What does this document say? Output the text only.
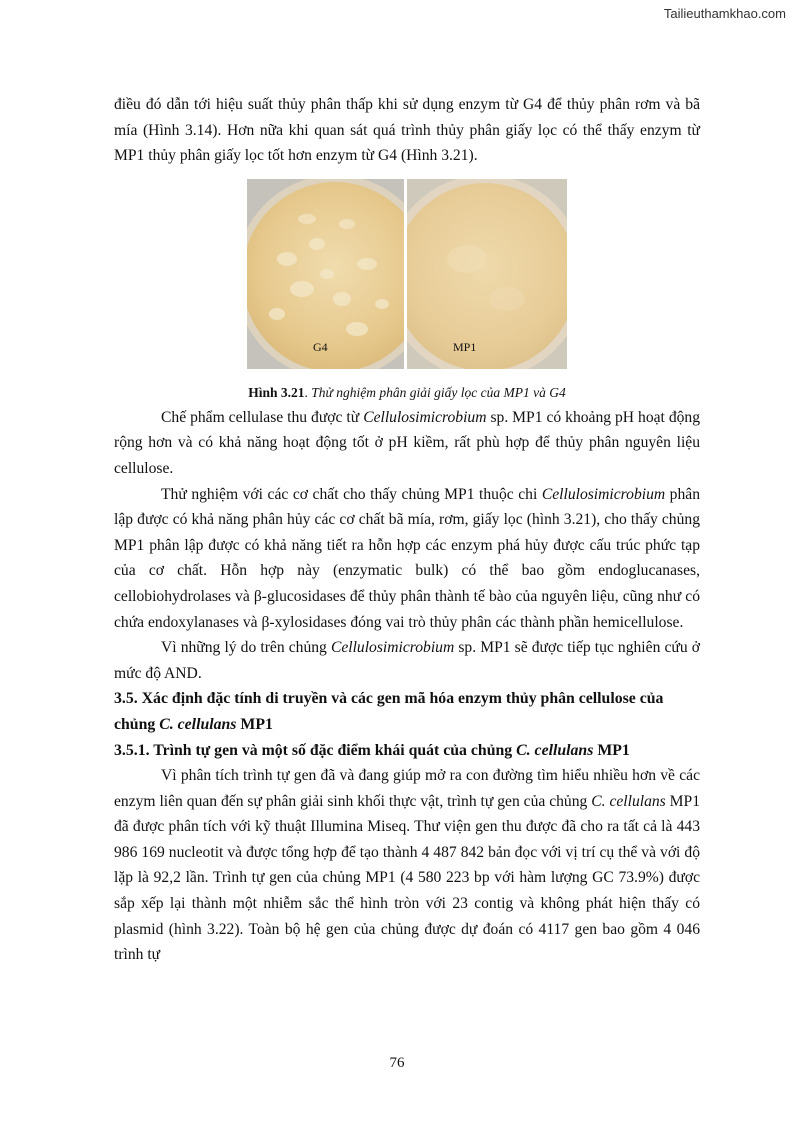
Tailieuthamkhao.com

điều đó dẫn tới hiệu suất thủy phân thấp khi sử dụng enzym từ G4 để thủy phân rơm và bã mía (Hình 3.14). Hơn nữa khi quan sát quá trình thủy phân giấy lọc có thể thấy enzym từ MP1 thủy phân giấy lọc tốt hơn enzym từ G4 (Hình 3.21).

G4	MP1
Hình 3.21. Thử nghiệm phân giải giấy lọc của MP1 và G4

Chế phẩm cellulase thu được từ Cellulosimicrobium sp. MP1 có khoảng pH hoạt động rộng hơn và có khả năng hoạt động tốt ở pH kiềm, rất phù hợp để thủy phân nguyên liệu cellulose.

Thử nghiệm với các cơ chất cho thấy chủng MP1 thuộc chi Cellulosimicrobium phân lập được có khả năng phân hủy các cơ chất bã mía, rơm, giấy lọc (hình 3.21), cho thấy chủng MP1 phân lập được có khả năng tiết ra hỗn hợp các enzym phá hủy được cấu trúc phức tạp của cơ chất. Hỗn hợp này (enzymatic bulk) có thể bao gồm endoglucanases, cellobiohydrolases và β-glucosidases để thủy phân thành tế bào của nguyên liệu, cũng như có chứa endoxylanases và β-xylosidases đóng vai trò thủy phân các thành phần hemicellulose.

Vì những lý do trên chủng Cellulosimicrobium sp. MP1 sẽ được tiếp tục nghiên cứu ở mức độ AND.

3.5. Xác định đặc tính di truyền và các gen mã hóa enzym thủy phân cellulose của chủng C. cellulans MP1

3.5.1. Trình tự gen và một số đặc điểm khái quát của chủng C. cellulans MP1

Vì phân tích trình tự gen đã và đang giúp mở ra con đường tìm hiểu nhiều hơn về các enzym liên quan đến sự phân giải sinh khối thực vật, trình tự gen của chủng C. cellulans MP1 đã được phân tích với kỹ thuật Illumina Miseq. Thư viện gen thu được đã cho ra tất cả là 443 986 169 nucleotit và được tổng hợp để tạo thành 4 487 842 bản đọc với vị trí cụ thể và với độ lặp là 92,2 lần. Trình tự gen của chủng MP1 (4 580 223 bp với hàm lượng GC 73.9%) được sắp xếp lại thành một nhiễm sắc thể hình tròn với 23 contig và không phát hiện thấy có plasmid (hình 3.22). Toàn bộ hệ gen của chủng được dự đoán có 4117 gen bao gồm 4 046 trình tự

76
